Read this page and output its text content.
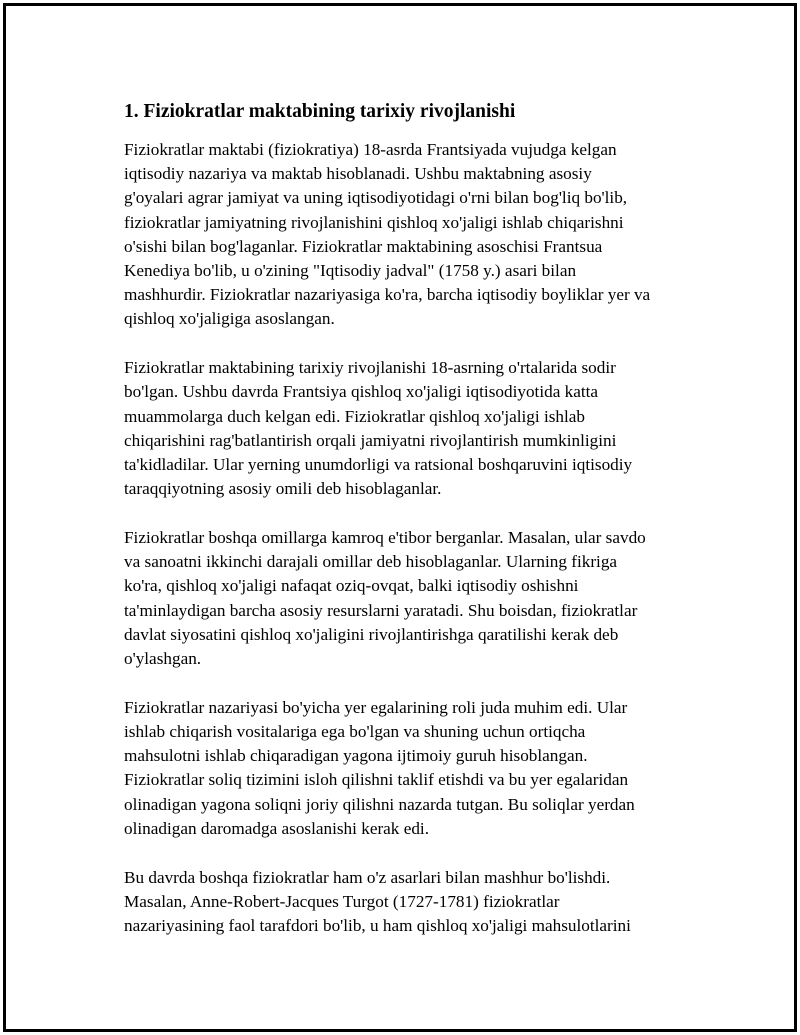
1. Fiziokratlar maktabining tarixiy rivojlanishi

Fiziokratlar maktabi (fiziokratiya) 18-asrda Frantsiyada vujudga kelgan
iqtisodiy nazariya va maktab hisoblanadi. Ushbu maktabning asosiy
g'oyalari agrar jamiyat va uning iqtisodiyotidagi o'rni bilan bog'liq bo'lib,
fiziokratlar jamiyatning rivojlanishini qishloq xo'jaligi ishlab chiqarishni
o'sishi bilan bog'laganlar. Fiziokratlar maktabining asoschisi Frantsua
Kenediya bo'lib, u o'zining "Iqtisodiy jadval" (1758 y.) asari bilan
mashhurdir. Fiziokratlar nazariyasiga ko'ra, barcha iqtisodiy boyliklar yer va
qishloq xo'jaligiga asoslangan.

Fiziokratlar maktabining tarixiy rivojlanishi 18-asrning o'rtalarida sodir
bo'lgan. Ushbu davrda Frantsiya qishloq xo'jaligi iqtisodiyotida katta
muammolarga duch kelgan edi. Fiziokratlar qishloq xo'jaligi ishlab
chiqarishini rag'batlantirish orqali jamiyatni rivojlantirish mumkinligini
ta'kidladilar. Ular yerning unumdorligi va ratsional boshqaruvini iqtisodiy
taraqqiyotning asosiy omili deb hisoblaganlar.

Fiziokratlar boshqa omillarga kamroq e'tibor berganlar. Masalan, ular savdo
va sanoatni ikkinchi darajali omillar deb hisoblaganlar. Ularning fikriga
ko'ra, qishloq xo'jaligi nafaqat oziq-ovqat, balki iqtisodiy oshishni
ta'minlaydigan barcha asosiy resurslarni yaratadi. Shu boisdan, fiziokratlar
davlat siyosatini qishloq xo'jaligini rivojlantirishga qaratilishi kerak deb
o'ylashgan.

Fiziokratlar nazariyasi bo'yicha yer egalarining roli juda muhim edi. Ular
ishlab chiqarish vositalariga ega bo'lgan va shuning uchun ortiqcha
mahsulotni ishlab chiqaradigan yagona ijtimoiy guruh hisoblangan.
Fiziokratlar soliq tizimini isloh qilishni taklif etishdi va bu yer egalaridan
olinadigan yagona soliqni joriy qilishni nazarda tutgan. Bu soliqlar yerdan
olinadigan daromadga asoslanishi kerak edi.

Bu davrda boshqa fiziokratlar ham o'z asarlari bilan mashhur bo'lishdi.
Masalan, Anne-Robert-Jacques Turgot (1727-1781) fiziokratlar
nazariyasining faol tarafdori bo'lib, u ham qishloq xo'jaligi mahsulotlarini
